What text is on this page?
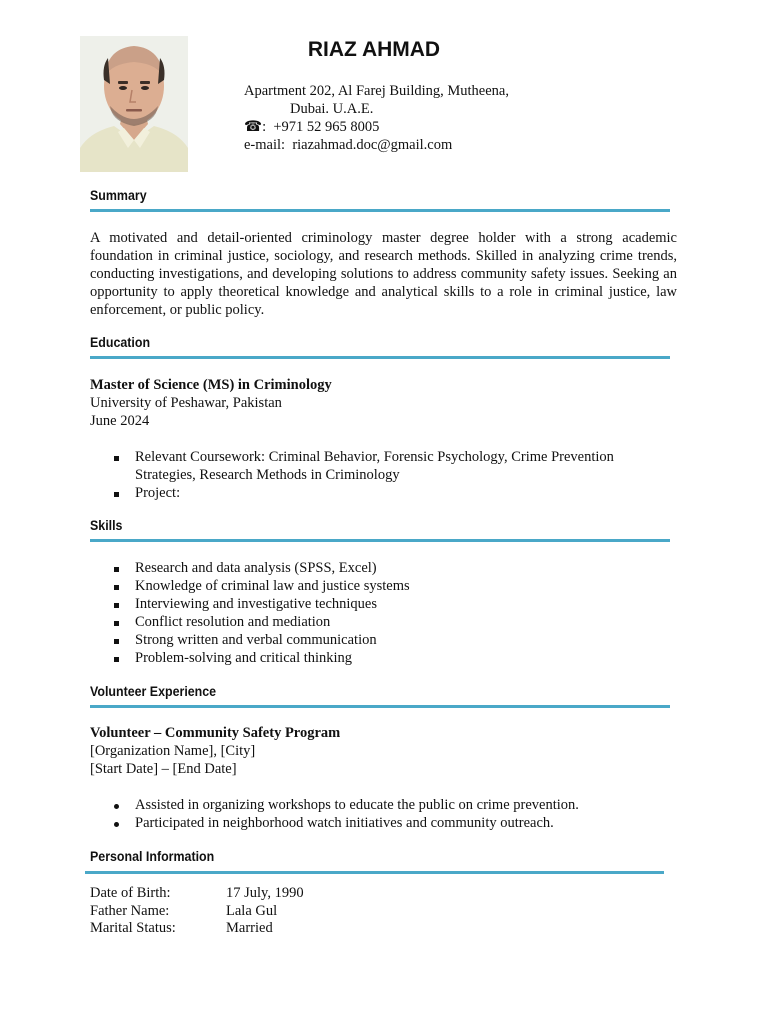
RIAZ AHMAD
Apartment 202, Al Farej Building, Mutheena,
Dubai. U.A.E.
☎: +971 52 965 8005
e-mail: riazahmad.doc@gmail.com
Summary
A motivated and detail-oriented criminology master degree holder with a strong academic foundation in criminal justice, sociology, and research methods. Skilled in analyzing crime trends, conducting investigations, and developing solutions to address community safety issues. Seeking an opportunity to apply theoretical knowledge and analytical skills to a role in criminal justice, law enforcement, or public policy.
Education
Master of Science (MS) in Criminology
University of Peshawar, Pakistan
June 2024
Relevant Coursework: Criminal Behavior, Forensic Psychology, Crime Prevention Strategies, Research Methods in Criminology
Project:
Skills
Research and data analysis (SPSS, Excel)
Knowledge of criminal law and justice systems
Interviewing and investigative techniques
Conflict resolution and mediation
Strong written and verbal communication
Problem-solving and critical thinking
Volunteer Experience
Volunteer – Community Safety Program
[Organization Name], [City]
[Start Date] – [End Date]
Assisted in organizing workshops to educate the public on crime prevention.
Participated in neighborhood watch initiatives and community outreach.
Personal Information
Date of Birth:	17 July, 1990
Father Name:	Lala Gul
Marital Status:	Married
